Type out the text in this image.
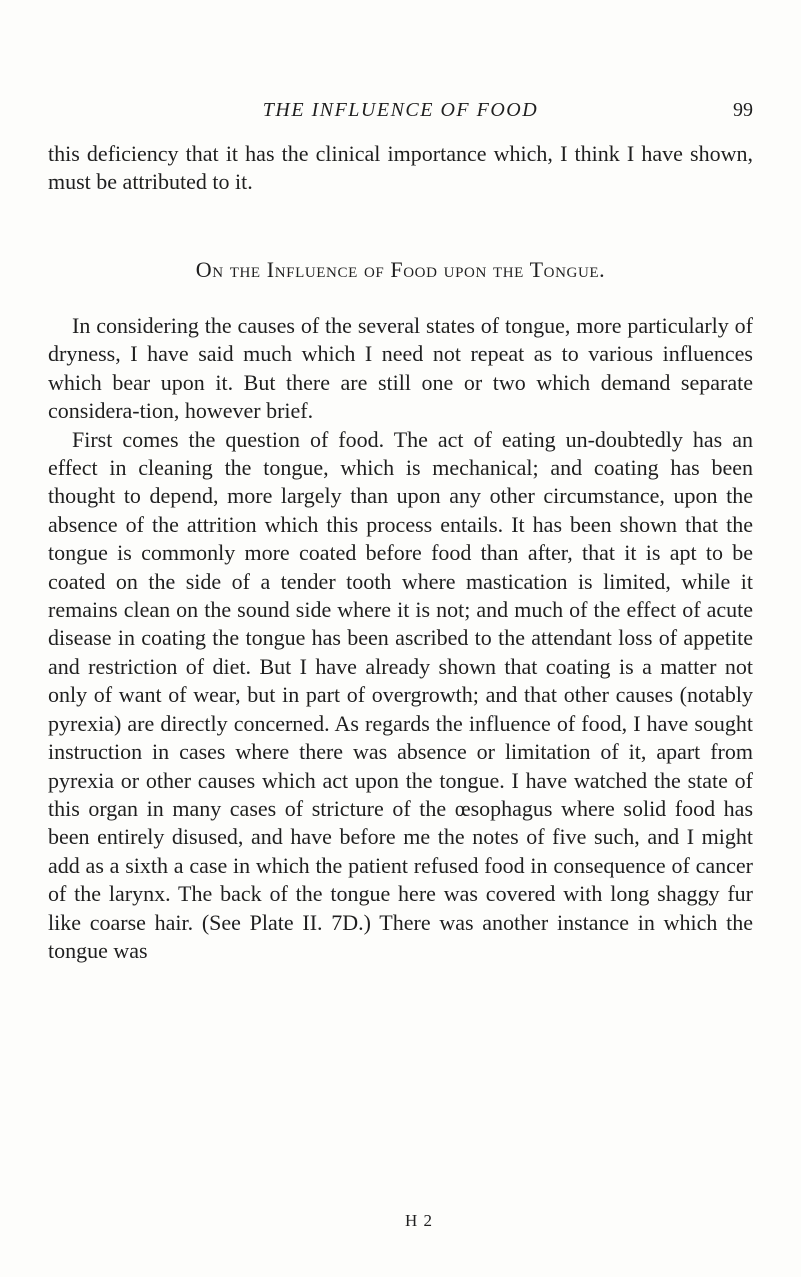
THE INFLUENCE OF FOOD	99

this deficiency that it has the clinical importance which, I think I have shown, must be attributed to it.

On the Influence of Food upon the Tongue.

In considering the causes of the several states of tongue, more particularly of dryness, I have said much which I need not repeat as to various influences which bear upon it. But there are still one or two which demand separate considera-tion, however brief.

First comes the question of food. The act of eating un-doubtedly has an effect in cleaning the tongue, which is mechanical; and coating has been thought to depend, more largely than upon any other circumstance, upon the absence of the attrition which this process entails. It has been shown that the tongue is commonly more coated before food than after, that it is apt to be coated on the side of a tender tooth where mastication is limited, while it remains clean on the sound side where it is not; and much of the effect of acute disease in coating the tongue has been ascribed to the attendant loss of appetite and restriction of diet. But I have already shown that coating is a matter not only of want of wear, but in part of overgrowth; and that other causes (notably pyrexia) are directly concerned. As regards the influence of food, I have sought instruction in cases where there was absence or limitation of it, apart from pyrexia or other causes which act upon the tongue. I have watched the state of this organ in many cases of stricture of the œsophagus where solid food has been entirely disused, and have before me the notes of five such, and I might add as a sixth a case in which the patient refused food in consequence of cancer of the larynx. The back of the tongue here was covered with long shaggy fur like coarse hair. (See Plate II. 7D.) There was another instance in which the tongue was

H 2
